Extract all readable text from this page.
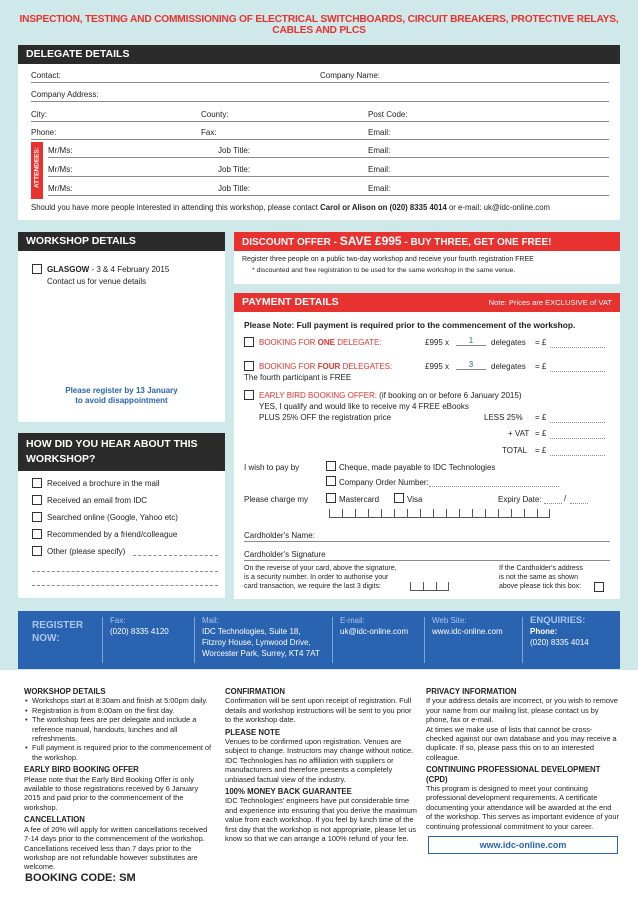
INSPECTION, TESTING AND COMMISSIONING OF ELECTRICAL SWITCHBOARDS, CIRCUIT BREAKERS, PROTECTIVE RELAYS, CABLES AND PLCS
DELEGATE DETAILS
Contact:	Company Name:
Company Address:
City:	County:	Post Code:
Phone:	Fax:	Email:
Mr/Ms:	Job Title:	Email:
Mr/Ms:	Job Title:	Email:
Mr/Ms:	Job Title:	Email:
Should you have more people interested in attending this workshop, please contact Carol or Alison on (020) 8335 4014 or e-mail: uk@idc-online.com
ATTENDEES:
WORKSHOP DETAILS
GLASGOW - 3 & 4 February 2015
Contact us for venue details
Please register by 13 January
to avoid disappointment
HOW DID YOU HEAR ABOUT THIS
WORKSHOP?
Received a brochure in the mail
Received an email from IDC
Searched online (Google, Yahoo etc)
Recommended by a friend/colleague
Other (please specify)
DISCOUNT OFFER - SAVE £995 - BUY THREE, GET ONE FREE!
Register three people on a public two-day workshop and receive your fourth registration FREE
* discounted and free registration to be used for the same workshop in the same venue.
PAYMENT DETAILS	Note: Prices are EXCLUSIVE of VAT
Please Note: Full payment is required prior to the commencement of the workshop.
BOOKING FOR ONE DELEGATE:	£995 x	1	delegates = £
BOOKING FOR FOUR DELEGATES:	£995 x	3	delegates = £
The fourth participant is FREE
EARLY BIRD BOOKING OFFER: (if booking on or before 6 January 2015)
YES, I qualify and would like to receive my 4 FREE eBooks
PLUS 25% OFF the registration price	LESS 25% = £
+ VAT = £
TOTAL = £
I wish to pay by	Cheque, made payable to IDC Technologies
Company Order Number:
Please charge my	Mastercard	Visa	Expiry Date:	/
Cardholder's Name:
Cardholder's Signature
On the reverse of your card, above the signature,
is a security number. In order to authorise your
card transaction, we require the last 3 digits:
If the Cardholder's address
is not the same as shown
above please tick this box:
REGISTER
NOW:
Fax:
(020) 8335 4120
Mail:
IDC Technologies, Suite 18,
Fitzroy House, Lynwood Drive,
Worcester Park, Surrey, KT4 7AT
E-mail:
uk@idc-online.com
Web Site:
www.idc-online.com
ENQUIRIES:
Phone:
(020) 8335 4014
WORKSHOP DETAILS
• Workshops start at 8:30am and finish at 5:00pm daily.
• Registration is from 8:00am on the first day.
• The workshop fees are per delegate and include a reference manual, handouts, lunches and all refreshments.
• Full payment is required prior to the commencement of the workshop.
EARLY BIRD BOOKING OFFER

Please note that the Early Bird Booking Offer is only available to those registrations received by 6 January 2015 and paid prior to the commencement of the workshop.

CANCELLATION

A fee of 20% will apply for written cancellations received 7-14 days prior to the commencement of the workshop. Cancellations received less than 7 days prior to the workshop are not refundable however substitutes are welcome.

CONFIRMATION

Confirmation will be sent upon receipt of registration. Full details and workshop instructions will be sent to you prior to the workshop date.

PLEASE NOTE

Venues to be confirmed upon registration. Venues are subject to change. Instructors may change without notice.

IDC Technologies has no affiliation with suppliers or manufacturers and therefore presents a completely unbiased factual view of the industry.

100% MONEY BACK GUARANTEE

IDC Technologies' engineers have put considerable time and experience into ensuring that you derive the maximum value from each workshop. If you feel by lunch time of the first day that the workshop is not appropriate, please let us know so that we can arrange a 100% refund of your fee.

PRIVACY INFORMATION

If your address details are incorrect, or you wish to remove your name from our mailing list, please contact us by phone, fax or e-mail.

At times we make use of lists that cannot be cross-checked against our own database and you may receive a duplicate. If so, please pass this on to an interested colleague.

CONTINUING PROFESSIONAL DEVELOPMENT (CPD)

This program is designed to meet your continuing professional development requirements. A certificate documenting your attendance will be awarded at the end of the workshop. This serves as important evidence of your continuing professional commitment to your career.

www.idc-online.com
BOOKING CODE: SM
